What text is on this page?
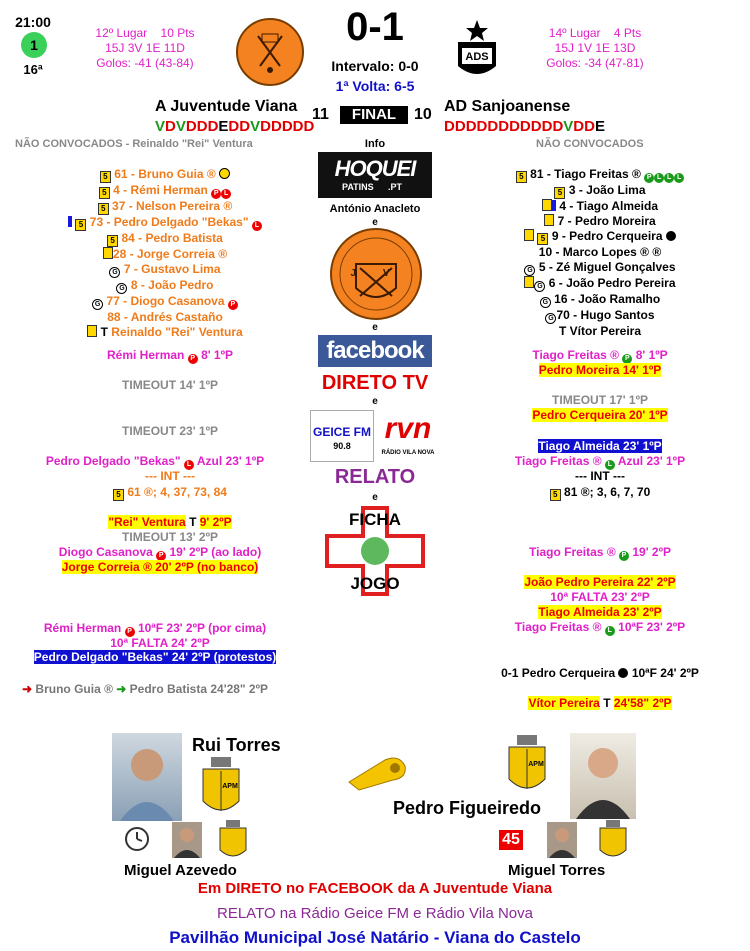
21:00
1
16ª
12º Lugar 10 Pts
15J 3V 1E 11D
Golos: -41 (43-84)
0-1
Intervalo: 0-0
1ª Volta: 6-5
ADS
14º Lugar 4 Pts
15J 1V 1E 13D
Golos: -34 (47-81)
A Juventude Viana 11	FINAL	10 AD Sanjoanense
VDVDDDEDDVDDDDD	DDDDDDDDDDDVDDE
NÃO CONVOCADOS - Reinaldo "Rei" Ventura	NÃO CONVOCADOS
Info
HOQUEI
PATINS .PT
António Anacleto
e
J V
e
facebook
DIRETO TV
e
GEICE FM
90.8
rvn
RÁDIO VILA NOVA
RELATO
e
FICHA
JOGO
5 61 - Bruno Guia ®
5 4 - Rémi Herman P L
5 37 - Nelson Pereira ®
5 73 - Pedro Delgado "Bekas" L
5 84 - Pedro Batista
28 - Jorge Correia ®
G 7 - Gustavo Lima
G 8 - João Pedro
G 77 - Diogo Casanova P
88 - Andrés Castaño
T Reinaldo "Rei" Ventura
5 81 - Tiago Freitas ® P L L L
5 3 - João Lima
4 - Tiago Almeida
7 - Pedro Moreira
5 9 - Pedro Cerqueira
10 - Marco Lopes ® ®
G 5 - Zé Miguel Gonçalves
G 6 - João Pedro Pereira
G 16 - João Ramalho
G 70 - Hugo Santos
T Vítor Pereira
Rémi Herman P 8' 1ºP
TIMEOUT 14' 1ºP
TIMEOUT 23' 1ºP
Pedro Delgado "Bekas" L Azul 23' 1ºP
--- INT ---
5 61 ®; 4, 37, 73, 84
"Rei" Ventura T 9' 2ºP
TIMEOUT 13' 2ºP
Diogo Casanova P 19' 2ºP (ao lado)
Jorge Correia ® 20' 2ºP (no banco)
Rémi Herman P 10ªF 23' 2ºP (por cima)
10ª FALTA 24' 2ºP
Pedro Delgado "Bekas" 24' 2ºP (protestos)
➜ Bruno Guia ® ➜ Pedro Batista 24'28" 2ºP
Tiago Freitas ® P 8' 1ºP
Pedro Moreira 14' 1ºP
TIMEOUT 17' 1ºP
Pedro Cerqueira 20' 1ºP
Tiago Almeida 23' 1ºP
Tiago Freitas ® L Azul 23' 1ºP
--- INT ---
5 81 ®; 3, 6, 7, 70
Tiago Freitas ® P 19' 2ºP
João Pedro Pereira 22' 2ºP
10ª FALTA 23' 2ºP
Tiago Almeida 23' 2ºP
Tiago Freitas ® L 10ªF 23' 2ºP
0-1 Pedro Cerqueira 10ªF 24' 2ºP
Vítor Pereira T 24'58" 2ºP
Rui Torres
APM
APM
Pedro Figueiredo
Miguel Azevedo
45
Miguel Torres
Em DIRETO no FACEBOOK da A Juventude Viana
RELATO na Rádio Geice FM e Rádio Vila Nova
Pavilhão Municipal José Natário - Viana do Castelo
